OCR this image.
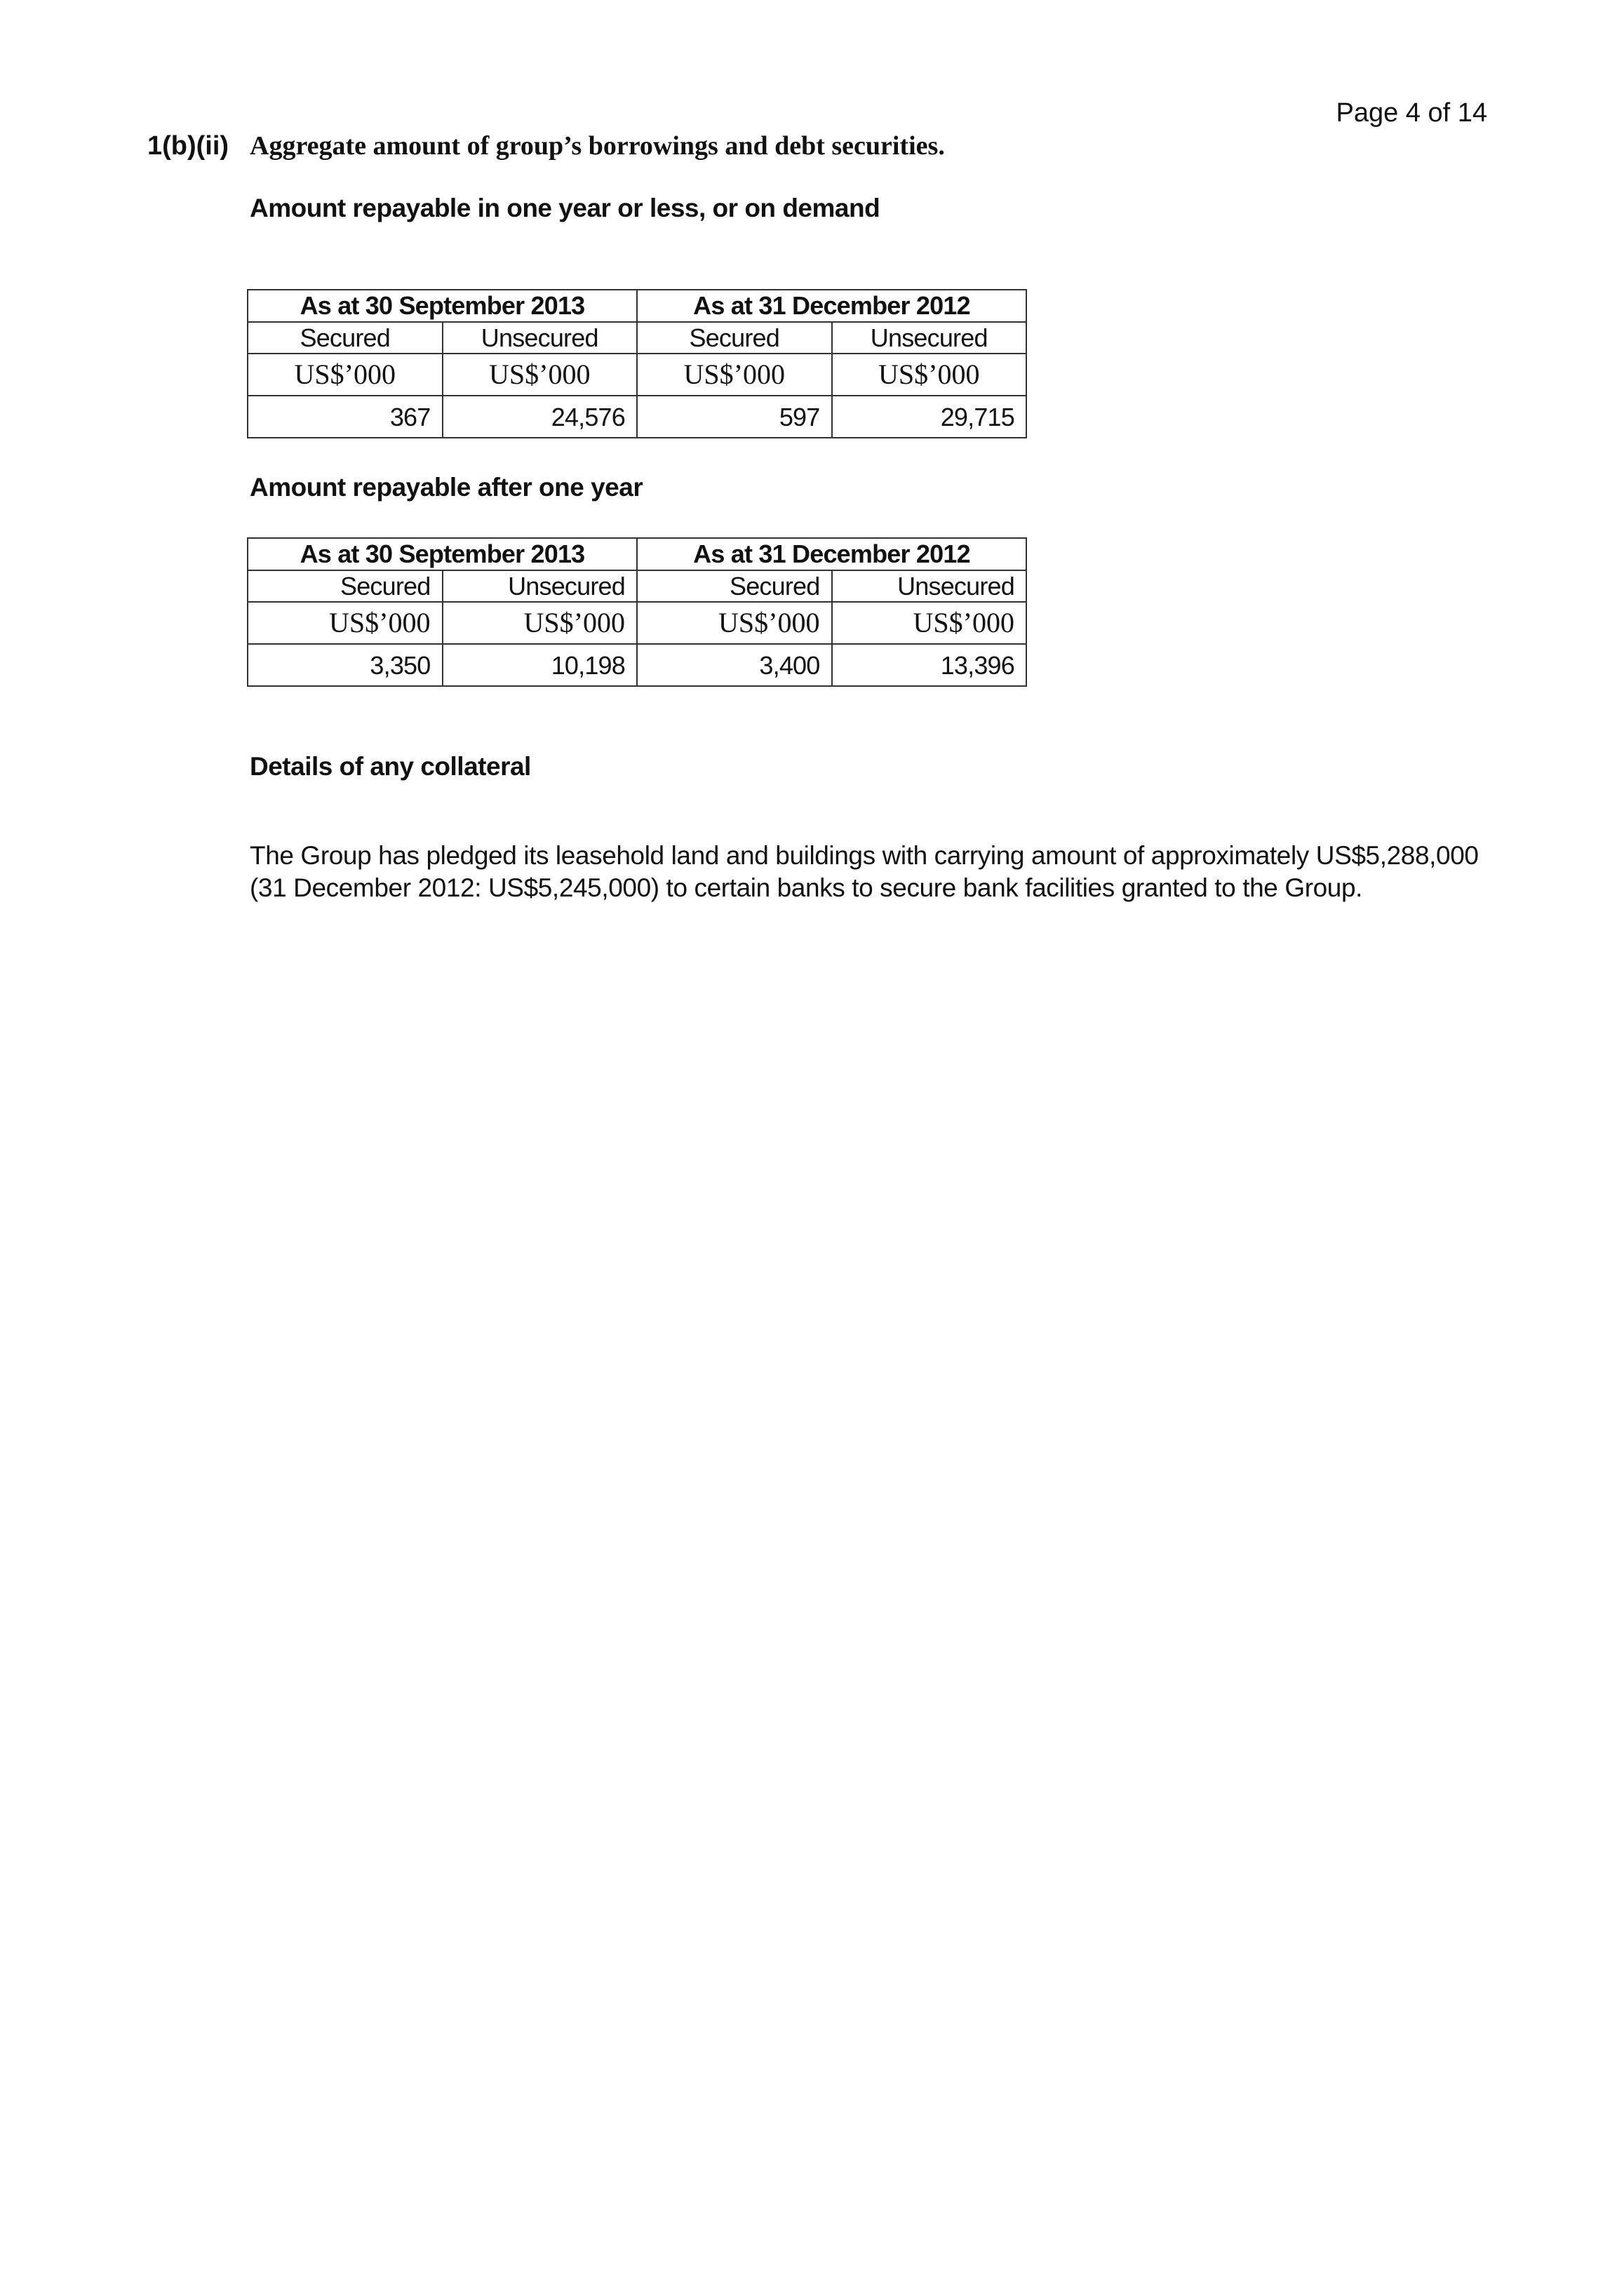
Page 4 of 14
1(b)(ii) Aggregate amount of group’s borrowings and debt securities.
Amount repayable in one year or less, or on demand
As at 30 September 2013		As at 31 December 2012	
Secured	Unsecured	Secured	Unsecured
US$’000	US$’000	US$’000	US$’000
367	24,576	597	29,715
Amount repayable after one year
As at 30 September 2013		As at 31 December 2012	
Secured	Unsecured	Secured	Unsecured
US$’000	US$’000	US$’000	US$’000
3,350	10,198	3,400	13,396
Details of any collateral

The Group has pledged its leasehold land and buildings with carrying amount of approximately US$5,288,000 (31 December 2012: US$5,245,000) to certain banks to secure bank facilities granted to the Group.
